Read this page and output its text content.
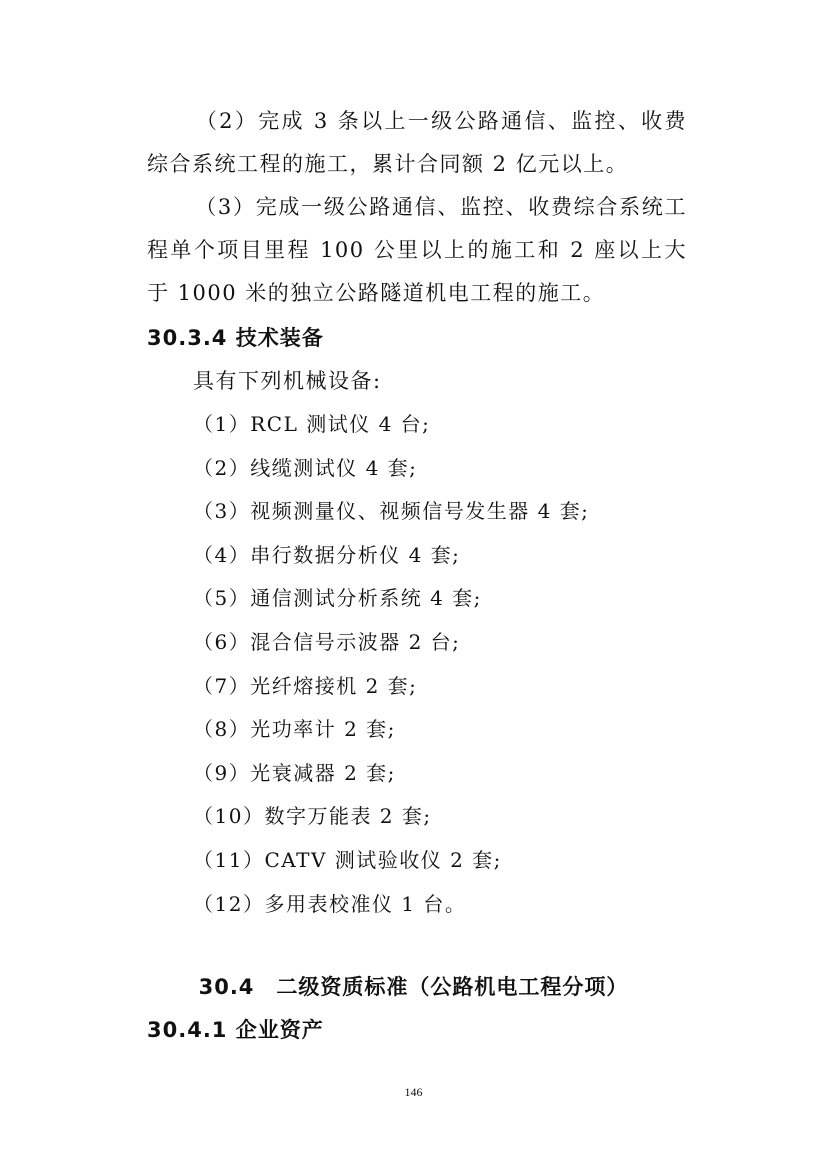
（2）完成 3 条以上一级公路通信、监控、收费综合系统工程的施工，累计合同额 2 亿元以上。

（3）完成一级公路通信、监控、收费综合系统工程单个项目里程 100 公里以上的施工和 2 座以上大于 1000 米的独立公路隧道机电工程的施工。

30.3.4 技术装备

具有下列机械设备:

（1）RCL 测试仪 4 台;
（2）线缆测试仪 4 套;
（3）视频测量仪、视频信号发生器 4 套;
（4）串行数据分析仪 4 套;
（5）通信测试分析系统 4 套;
（6）混合信号示波器 2 台;
（7）光纤熔接机 2 套;
（8）光功率计 2 套;
（9）光衰减器 2 套;
（10）数字万能表 2 套;
（11）CATV 测试验收仪 2 套;
（12）多用表校准仪 1 台。
30.4　二级资质标准（公路机电工程分项）
30.4.1 企业资产
146
